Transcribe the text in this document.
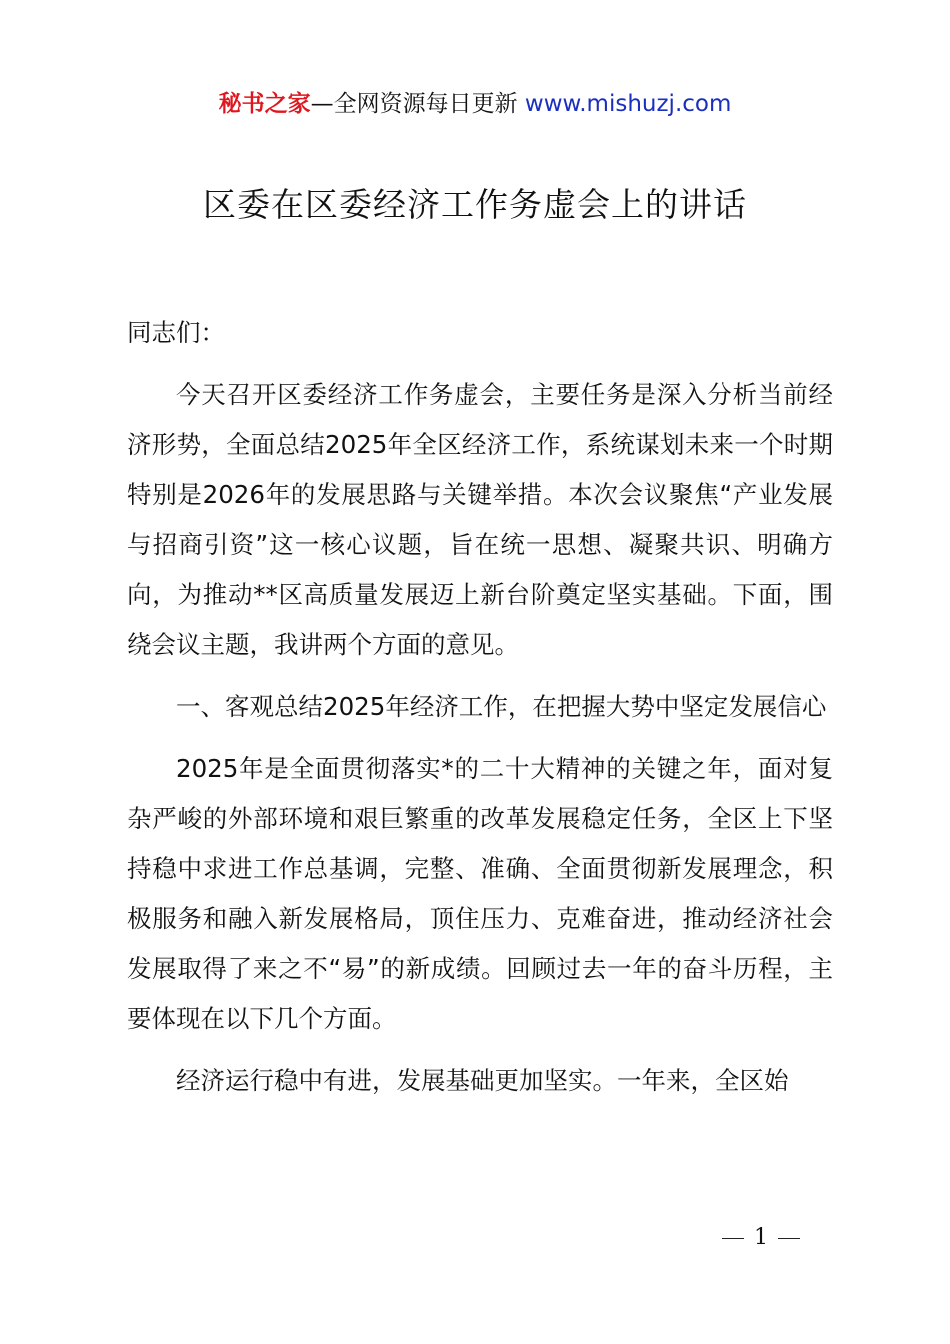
秘书之家—全网资源每日更新 www.mishuzj.com
区委在区委经济工作务虚会上的讲话

同志们：

今天召开区委经济工作务虚会，主要任务是深入分析当前经济形势，全面总结2025年全区经济工作，系统谋划未来一个时期特别是2026年的发展思路与关键举措。本次会议聚焦“产业发展与招商引资”这一核心议题，旨在统一思想、凝聚共识、明确方向，为推动**区高质量发展迈上新台阶奠定坚实基础。下面，围绕会议主题，我讲两个方面的意见。

一、客观总结2025年经济工作，在把握大势中坚定发展信心

2025年是全面贯彻落实*的二十大精神的关键之年，面对复杂严峻的外部环境和艰巨繁重的改革发展稳定任务，全区上下坚持稳中求进工作总基调，完整、准确、全面贯彻新发展理念，积极服务和融入新发展格局，顶住压力、克难奋进，推动经济社会发展取得了来之不“易”的新成绩。回顾过去一年的奋斗历程，主要体现在以下几个方面。

经济运行稳中有进，发展基础更加坚实。一年来，全区始

1
